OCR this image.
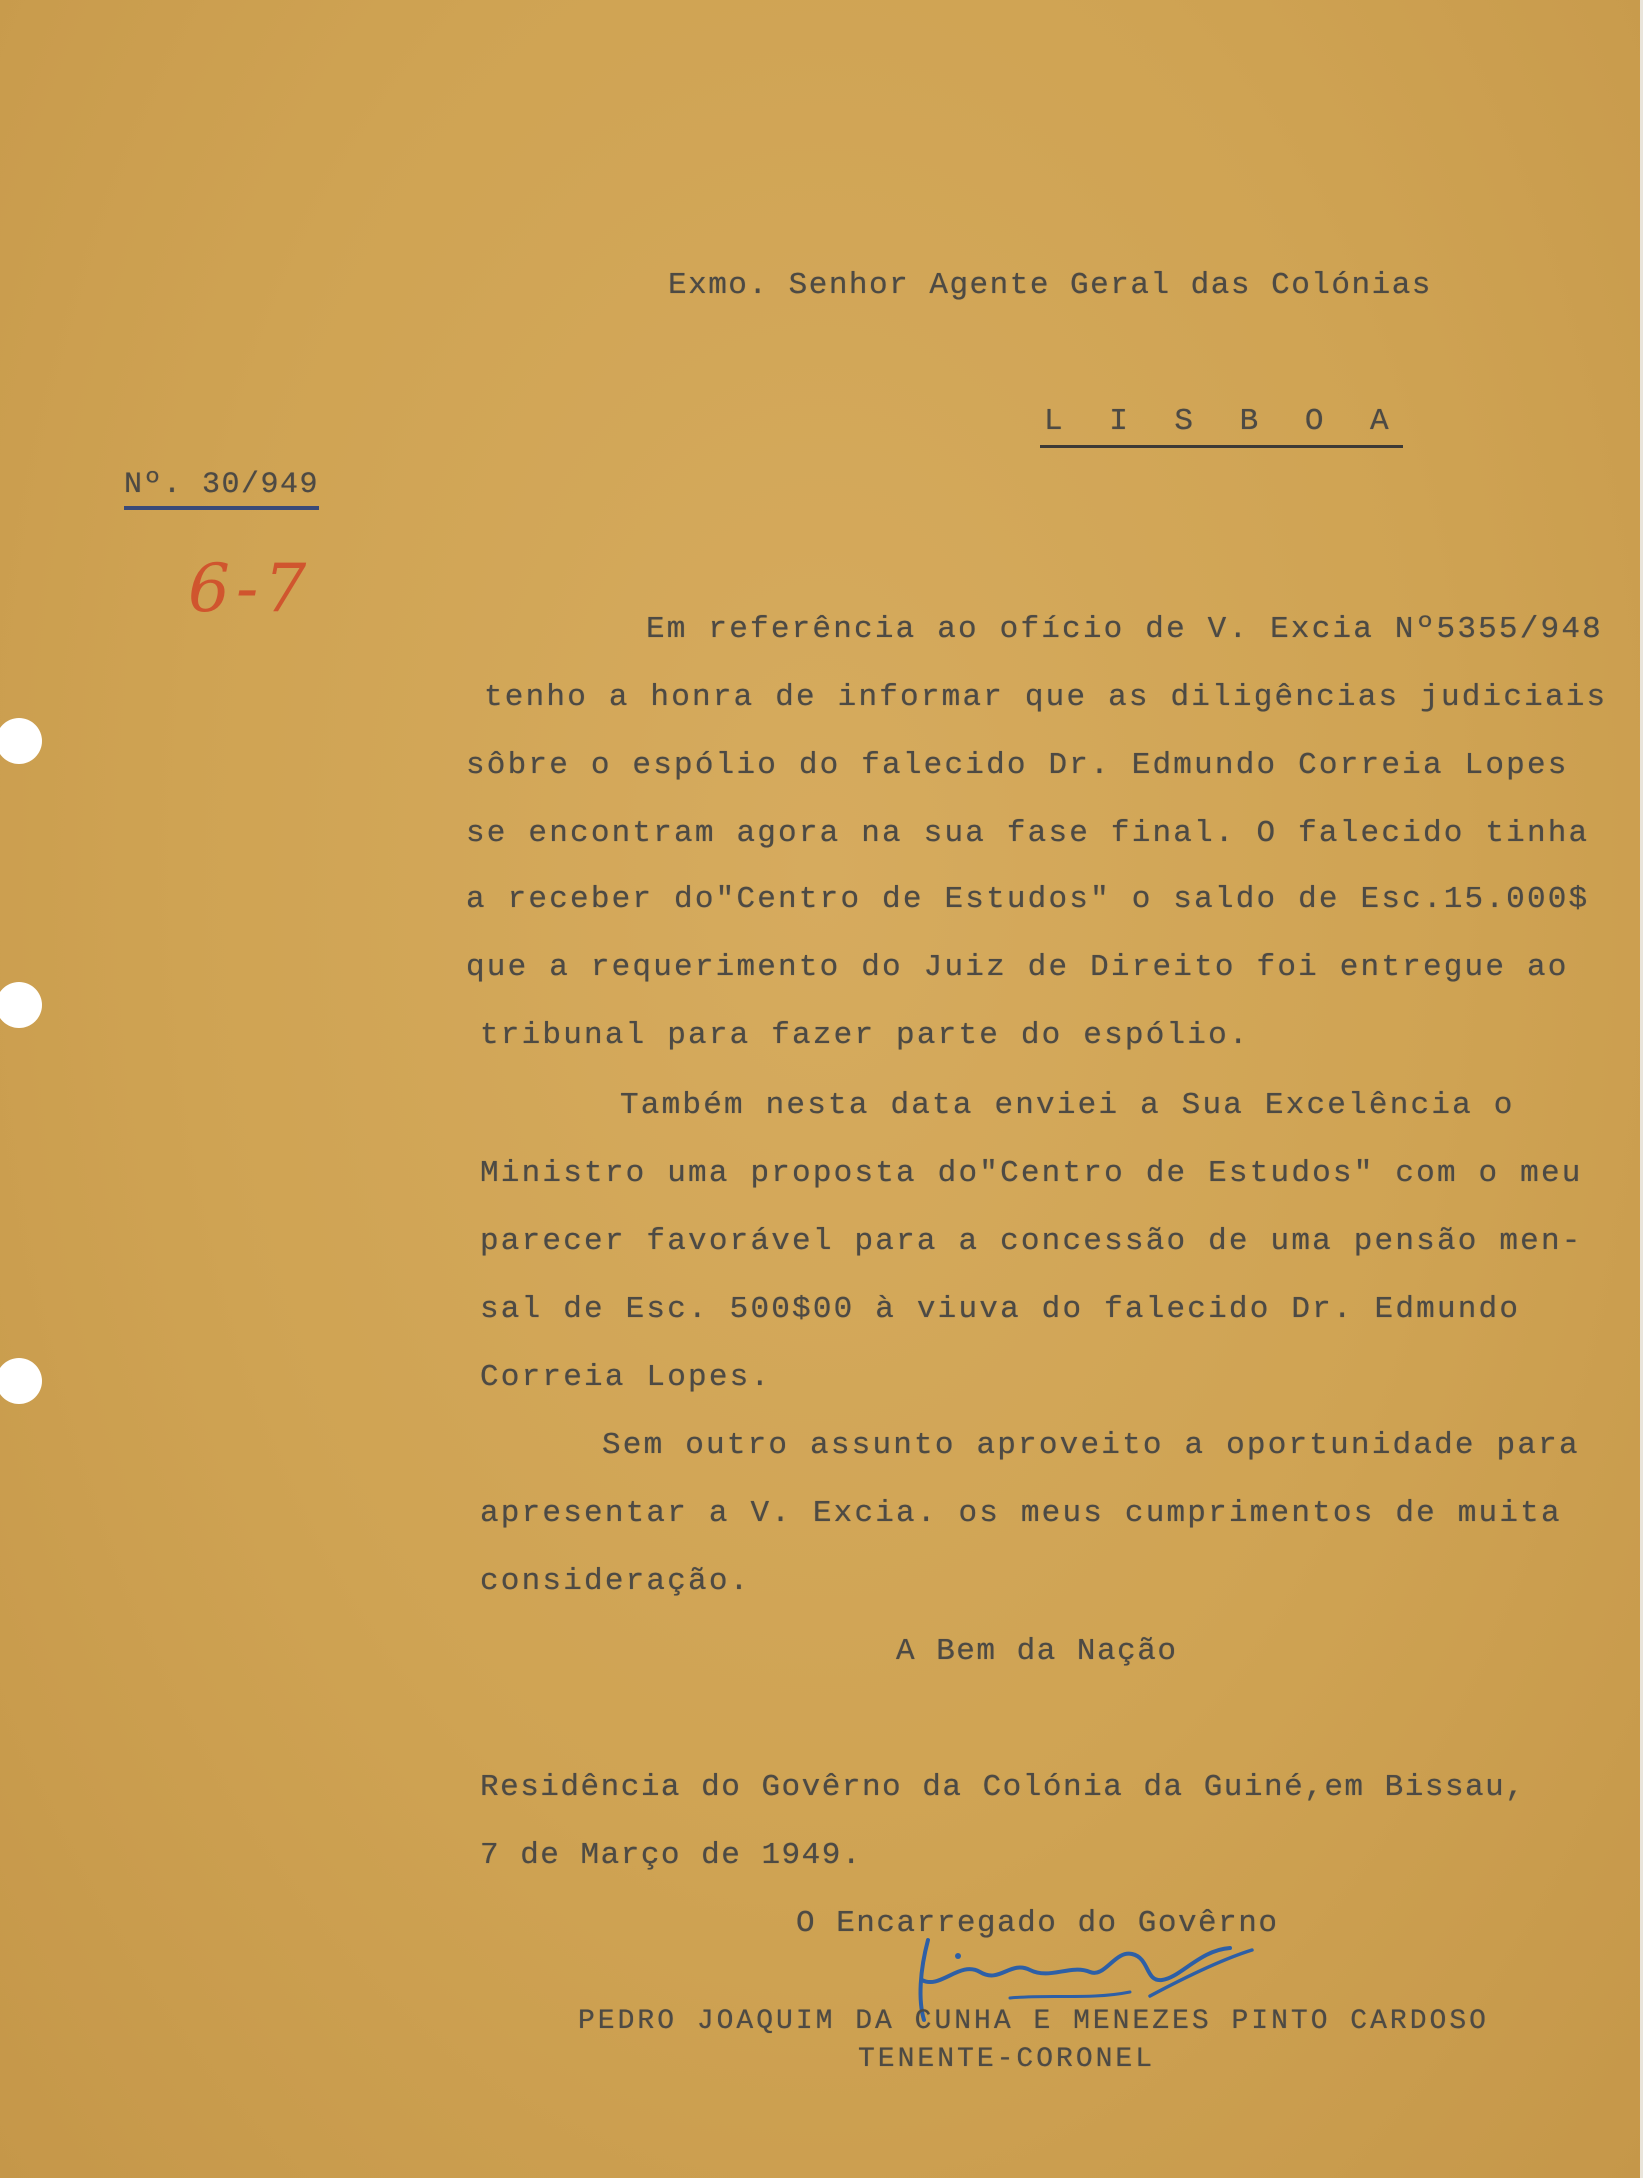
Exmo. Senhor Agente Geral das Colónias
L I S B O A
Nº. 30/949
6-7
Em referência ao ofício de V. Excia Nº5355/948
tenho a honra de informar que as diligências judiciais
sôbre o espólio do falecido Dr. Edmundo Correia Lopes
se encontram agora na sua fase final. O falecido tinha
a receber do"Centro de Estudos" o saldo de Esc.15.000$
que a requerimento do Juiz de Direito foi entregue ao
tribunal para fazer parte do espólio.
Também nesta data enviei a Sua Excelência o
Ministro uma proposta do"Centro de Estudos" com o meu
parecer favorável para a concessão de uma pensão men-
sal de Esc. 500$00 à viuva do falecido Dr. Edmundo
Correia Lopes.
Sem outro assunto aproveito a oportunidade para
apresentar a V. Excia. os meus cumprimentos de muita
consideração.
A Bem da Nação
Residência do Govêrno da Colónia da Guiné,em Bissau,
7 de Março de 1949.
O Encarregado do Govêrno
PEDRO JOAQUIM DA CUNHA E MENEZES PINTO CARDOSO
TENENTE-CORONEL
